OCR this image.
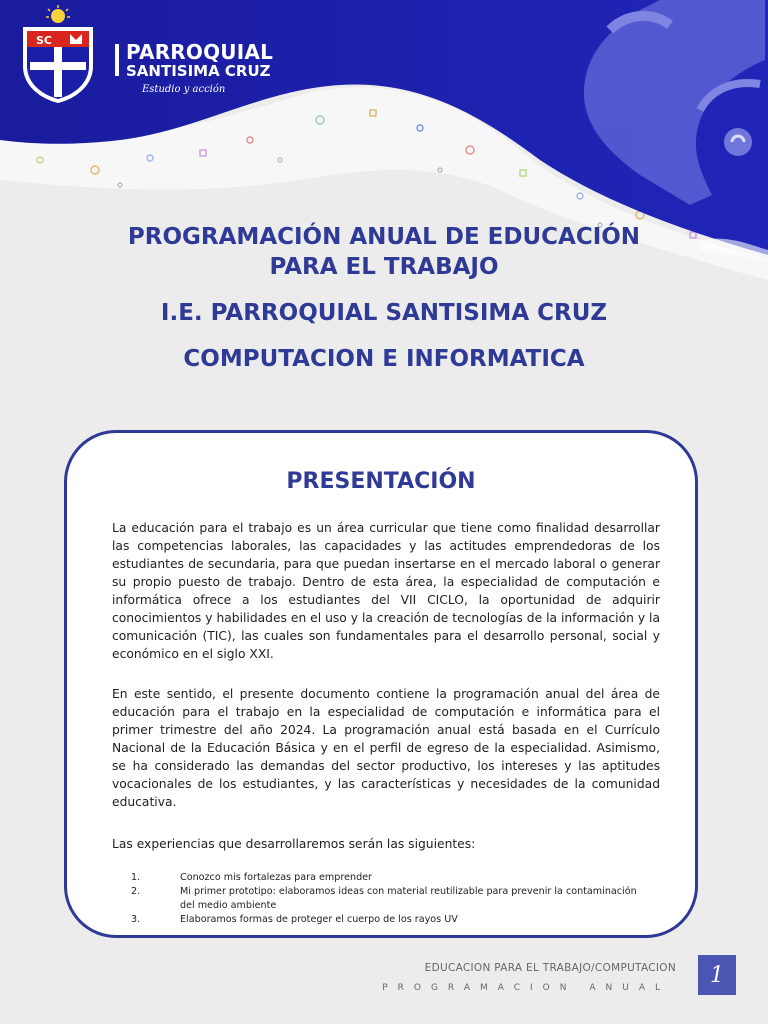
SC	PARROQUIAL
SANTISIMA CRUZ
Estudio y acción
PROGRAMACIÓN ANUAL DE EDUCACIÓN
PARA EL TRABAJO
I.E. PARROQUIAL SANTISIMA CRUZ
COMPUTACION E INFORMATICA
PRESENTACIÓN
La educación para el trabajo es un área curricular que tiene como finalidad desarrollar las competencias laborales, las capacidades y las actitudes emprendedoras de los estudiantes de secundaria, para que puedan insertarse en el mercado laboral o generar su propio puesto de trabajo. Dentro de esta área, la especialidad de computación e informática ofrece a los estudiantes del VII CICLO, la oportunidad de adquirir conocimientos y habilidades en el uso y la creación de tecnologías de la información y la comunicación (TIC), las cuales son fundamentales para el desarrollo personal, social y económico en el siglo XXI.
En este sentido, el presente documento contiene la programación anual del área de educación para el trabajo en la especialidad de computación e informática para el primer trimestre del año 2024. La programación anual está basada en el Currículo Nacional de la Educación Básica y en el perfil de egreso de la especialidad. Asimismo, se ha considerado las demandas del sector productivo, los intereses y las aptitudes vocacionales de los estudiantes, y las características y necesidades de la comunidad educativa.
Las experiencias que desarrollaremos serán las siguientes:
1.	Conozco mis fortalezas para emprender
2.	Mi primer prototipo: elaboramos ideas con material reutilizable para prevenir la contaminación del medio ambiente
3.	Elaboramos formas de proteger el cuerpo de los rayos UV
EDUCACION PARA EL TRABAJO/COMPUTACION
PROGRAMACION ANUAL
1
